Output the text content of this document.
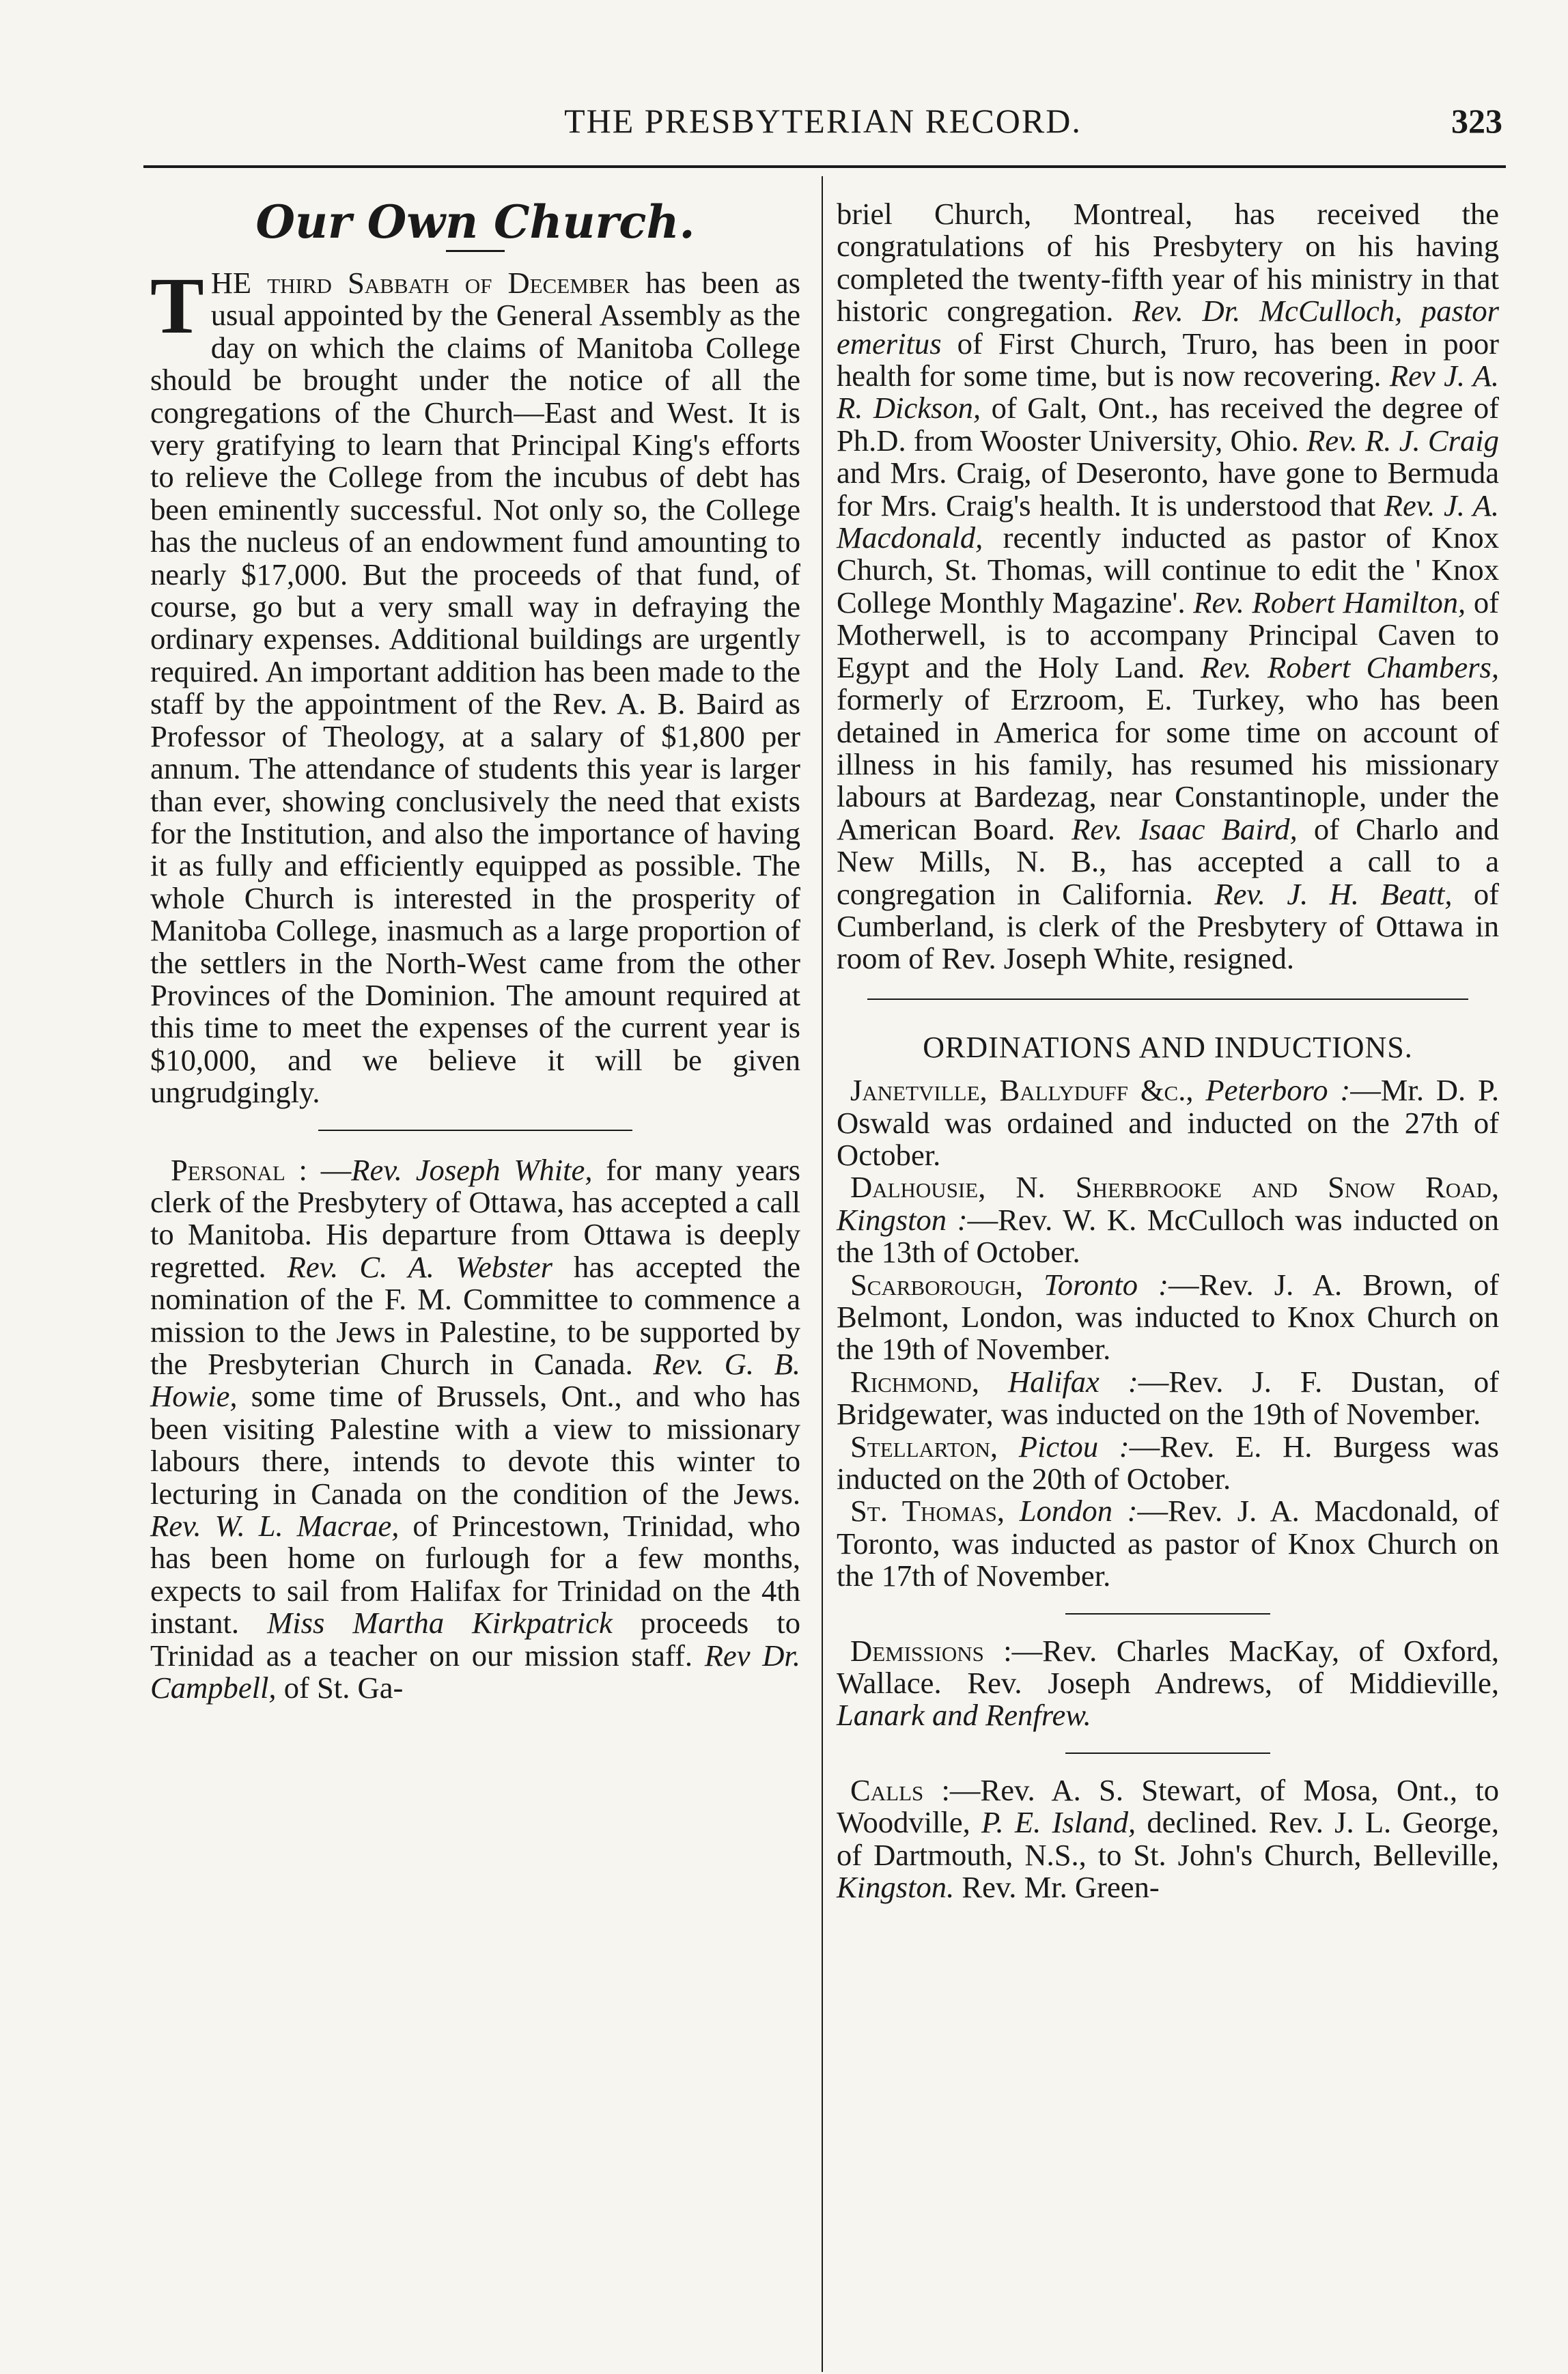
THE PRESBYTERIAN RECORD.	323
Our Own Church.

THE third Sabbath of December has been as usual appointed by the General Assembly as the day on which the claims of Manitoba College should be brought under the notice of all the congregations of the Church—East and West. It is very gratifying to learn that Principal King's efforts to relieve the College from the incubus of debt has been eminently successful. Not only so, the College has the nucleus of an endowment fund amounting to nearly $17,000. But the proceeds of that fund, of course, go but a very small way in defraying the ordinary expenses. Additional buildings are urgently required. An important addition has been made to the staff by the appointment of the Rev. A. B. Baird as Professor of Theology, at a salary of $1,800 per annum. The attendance of students this year is larger than ever, showing conclusively the need that exists for the Institution, and also the importance of having it as fully and efficiently equipped as possible. The whole Church is interested in the prosperity of Manitoba College, inasmuch as a large proportion of the settlers in the North-West came from the other Provinces of the Dominion. The amount required at this time to meet the expenses of the current year is $10,000, and we believe it will be given ungrudgingly.

Personal : —Rev. Joseph White, for many years clerk of the Presbytery of Ottawa, has accepted a call to Manitoba. His departure from Ottawa is deeply regretted. Rev. C. A. Webster has accepted the nomination of the F. M. Committee to commence a mission to the Jews in Palestine, to be supported by the Presbyterian Church in Canada. Rev. G. B. Howie, some time of Brussels, Ont., and who has been visiting Palestine with a view to missionary labours there, intends to devote this winter to lecturing in Canada on the condition of the Jews. Rev. W. L. Macrae, of Princestown, Trinidad, who has been home on furlough for a few months, expects to sail from Halifax for Trinidad on the 4th instant. Miss Martha Kirkpatrick proceeds to Trinidad as a teacher on our mission staff. Rev Dr. Campbell, of St. Ga-

briel Church, Montreal, has received the congratulations of his Presbytery on his having completed the twenty-fifth year of his ministry in that historic congregation. Rev. Dr. McCulloch, pastor emeritus of First Church, Truro, has been in poor health for some time, but is now recovering. Rev J. A. R. Dickson, of Galt, Ont., has received the degree of Ph.D. from Wooster University, Ohio. Rev. R. J. Craig and Mrs. Craig, of Deseronto, have gone to Bermuda for Mrs. Craig's health. It is understood that Rev. J. A. Macdonald, recently inducted as pastor of Knox Church, St. Thomas, will continue to edit the ' Knox College Monthly Magazine'. Rev. Robert Hamilton, of Motherwell, is to accompany Principal Caven to Egypt and the Holy Land. Rev. Robert Chambers, formerly of Erzroom, E. Turkey, who has been detained in America for some time on account of illness in his family, has resumed his missionary labours at Bardezag, near Constantinople, under the American Board. Rev. Isaac Baird, of Charlo and New Mills, N. B., has accepted a call to a congregation in California. Rev. J. H. Beatt, of Cumberland, is clerk of the Presbytery of Ottawa in room of Rev. Joseph White, resigned.

ORDINATIONS AND INDUCTIONS.

Janetville, Ballyduff &c., Peterboro :—Mr. D. P. Oswald was ordained and inducted on the 27th of October.

Dalhousie, N. Sherbrooke and Snow Road, Kingston :—Rev. W. K. McCulloch was inducted on the 13th of October.

Scarborough, Toronto :—Rev. J. A. Brown, of Belmont, London, was inducted to Knox Church on the 19th of November.

Richmond, Halifax :—Rev. J. F. Dustan, of Bridgewater, was inducted on the 19th of November.

Stellarton, Pictou :—Rev. E. H. Burgess was inducted on the 20th of October.

St. Thomas, London :—Rev. J. A. Macdonald, of Toronto, was inducted as pastor of Knox Church on the 17th of November.

Demissions :—Rev. Charles MacKay, of Oxford, Wallace. Rev. Joseph Andrews, of Middieville, Lanark and Renfrew.

Calls :—Rev. A. S. Stewart, of Mosa, Ont., to Woodville, P. E. Island, declined. Rev. J. L. George, of Dartmouth, N.S., to St. John's Church, Belleville, Kingston. Rev. Mr. Green-
